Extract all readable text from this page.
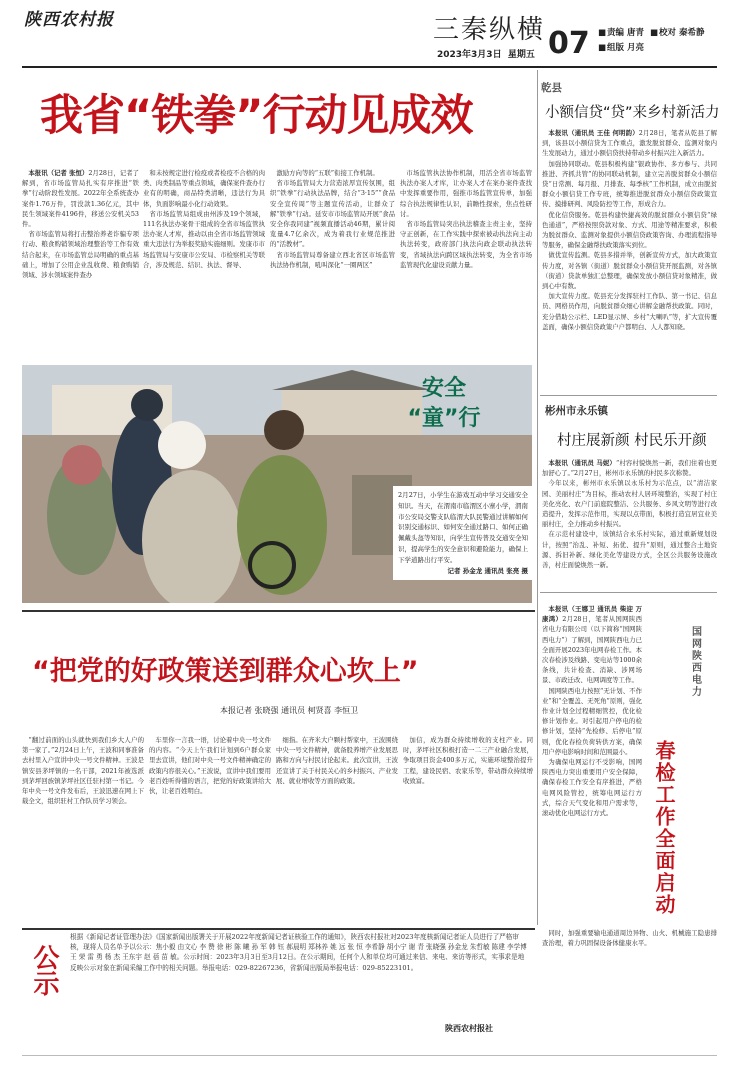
陕西农村报	三秦纵横 07	■ 责编 唐青 ■ 校对 秦希静
■ 组版 月亮
2023年3月3日 星期五
我省“铁拳”行动见成效

本报讯（记者 张恒）2月28日，记者了解到，省市场监管局扎实有序推进“铁拳”行动阶段性发展。2022年全系统查办案件1.76万件，罚没款1.36亿元，其中民生领域案件4196件，移送公安机关53件。

省市场监管局将打击整治养老诈骗专项行动、粮食购销领域治理整治等工作有效结合起来，在市场监管总局明确的重点基础上，增加了公用企业乱收费、粮食购销领域、涉水领域案件查办

和未按规定进行检疫或者检疫不合格的肉类、肉类制品等重点领域，确保案件查办行业有的明确，商品特类清晰，违法行为具体，负面影响最小化行动效果。

省市场监管局组成由州涉及19个领域，111名执法办案骨干组成的全省市场监管执法办案人才库，推动以由全省市场监管领域重大违法行为举报奖励实施细则。发康市市场监管局与安康市公安局、市检察机关等联合，涉及规范、结识、执法、督导、

激励方向等的“五联”衔接工作机制。

省市场监管局大力营造浓厚宣传氛围，组织“铁拳”行动执法品牌，结合“3·15”“食品安全宣传周”等主题宣传活动，让群众了解“铁拳”行动。延安市市场监管局开展“食品安全你我同建”视频直播活动46期，累计阅览量4.7亿余次，成为着我行业规范推进的“活教材”。

省市场监管局尊备建立西北省区市场监管执法协作机制，吼叫深化“一圈两区”

市场监管执法协作机制，用活全省市场监管执法办案人才库，让办案人才在案办案件查找中发挥重要作用，强推市场监管宣传单，加强综合执法规律性认识，前瞻性探索，焦点性研讨。

省市场监管局突出执法稽查主责主业，坚持守正创新，在工作实践中探索被动执法向主动执法转变，政府部门执法向政企联动执法转变，省域执法向跨区域执法转变，为全省市场监管现代化建设贡献力量。

安全
“童”行
2月27日，小学生在游戏互动中学习交通安全知识。当天，在渭南市临渭区小寨小学，渭南市公安局交警支队临渭大队民警通过讲解如何识别交通标识、如何安全通过路口、如何正确佩戴头盔等知识，向学生宣传普及交通安全知识，提高学生的安全意识和避险能力，确保上下学道路出行平安。
记者 孙金龙 通讯员 张亮 摄
乾县
小额信贷“贷”来乡村新活力

本报讯（通讯员 王佳 何明韵）2月28日，笔者从乾县了解到，该县以小额信贷为工作重点，激发脱贫群众、监测对象内生发展动力，通过小额信贷扶持带动乡村振兴注入新活力。

加强协同联动。乾县积极构建“银政协作、多方参与、共同推进、齐抓共管”的协同联动机制，建立完善脱贫群众小额信贷“日常测、每月报、月排查、每季核”工作机制，成立由脱贫群众小额信贷工作专班，统筹推进脱贫群众小额信贷政策宣传、摸排研判、风险防控等工作，形成合力。

优化信贷服务。乾县构建快捷高效的脱贫群众小额信贷“绿色通道”，严格按照贷款对象、方式、用途等精准要求，积极为脱贫群众、监测对象提供小额信贷政策咨询、办理流程指导等服务，确保金融帮扶政策落实到位。

做优宣传监测。乾县多措并举，创新宣传方式，加大政策宣传力度，对各镇（街道）脱贫群众小额信贷开展监测，对各镇（街道）贷款单独汇总整理，确保发放小额信贷对象精准，做到心中有数。

加大宣传力度。乾县充分发挥驻村工作队、第一书记、信息员、网格员作用，向脱贫群众细心讲解金融帮扶政策。同时，充分借助公示栏、LED显示屏、乡村“大喇叭”等，扩大宣传覆盖面，确保小额信贷政策户户都明白、人人都知晓。

彬州市永乐镇
村庄展新颜 村民乐开颜

本报讯（通讯员 马妮）“村容村貌焕然一新，我们住着也更加舒心了。”2月27日，彬州市永乐镇的村民多次称赞。

今年以来，彬州市永乐镇以永乐村为示范点，以“清洁家园、美丽村庄”为目标，推动农村人居环境整治，实现了村庄美化亮化、农户门前庭院整洁、公共服务、乡风文明等进行改造提升，发挥示范作用，实现以点带面，积极打造宜居宜业美丽村庄，全力推动乡村振兴。

在示范村建设中，该镇结合永乐村实际，通过重新规划设计，按照“治乱、补短、拓优、提升”原则，通过整合土地资源、拆旧补新、绿化美化等建设方式，全区公共服务设施改善，村庄面貌焕然一新。

国网陕西电力
春检工作全面启动

本报讯（王娜卫 通讯员 柴迎 万康鸿）2月28日，笔者从国网陕西省电力有限公司（以下简称“国网陕西电力”）了解到，国网陕西电力已全面开展2023年电网春检工作。本次春检涉及线路、变电站等1000余条线，共计检查、消缺、涉网场景、市政迁改、电网调度等工作。

国网陕西电力按照“无计划、不作业”和“全覆盖、无死角”原则，强化作业计划全过程精细管控，优化检修计划作业。对引起用户停电的检修计划，坚持“先检修、后停电”原则，优化春检负荷转供方案，确保用户停电影响时间和范围最小。

为确保电网运行不受影响，国网陕西电力突出重要用户安全保障，确保春检工作安全有序推进，严格电网风险管控，统筹电网运行方式，综合天气变化和用户需求等，滚动优化电网运行方式。

同时，加强重要输电通道周边异物、山火、机械施工隐患排查治理，着力巩固保设备体健康水平。

“把党的好政策送到群众心坎上”
本报记者 张晓强 通讯员 柯贤喜 李恒卫

“翻过前面的山头就快到我们乡大人户的第一家了。”2月24日上午，王波和同事准备去村里入户宣讲中央一号文件精神。王波是镇安县茅坪镇的一名干部，2021年被选派到茅坪回族镇茅坪社区任驻村第一书记。今年中央一号文件发布后，王波迅速在网上下载全文，组织驻村工作队员学习领会。

车里你一言我一语，讨论着中央一号文件的内容。“今天上午我们计划到6户群众家里去宣讲，他们对中央一号文件精神确定的政策内容很关心。”王波说，宣讲中我们要用老百姓听得懂的语言，把党的好政策讲给大伙，让老百姓明白。

细指。在齐米大户颗村帮家中，王波围绕中央一号文件精神，就备股养增产业发展思路和方向与村民讨论起来。此次宣讲，王波还宣讲了关于村民关心的乡村振兴、产业发展、就业增收等方面的政策。

加信，成为群众持续增收的支柱产业。同时，茅坪社区积极打造一二三产业融合发展，争取项目资金400多万元，实施环境整治提升工程，建设民宿、农家乐等，带动群众持续增收致富。

公示
根据《新闻记者证管理办法》《国家新闻出版署关于开展2022年度新闻记者证核验工作的通知》，陕西农村报社对2023年度核新闻记者证人员进行了严格审核，现将人员名单予以公示：焦小毅 由文心 李 赞 徐 彬 陈 曦 孙 军 韩 钰 郝晨明 郑林养 姚 远 张 恒 李希静 胡小宁 谢 青 张晓强 孙金龙 朱哲敏 陈建 李学博 王 荣 雷 勇 杨 杰 王东宇 赵 蓓 苗 敏。公示时间：2023年3月3日至3月12日。在公示期间，任何个人和单位均可通过来信、来电、来访等形式，实事求是地反映公示对象在新闻采编工作中的相关问题。举报电话：029-82267236，省新闻出版局举报电话：029-85223101。
陕西农村报社
